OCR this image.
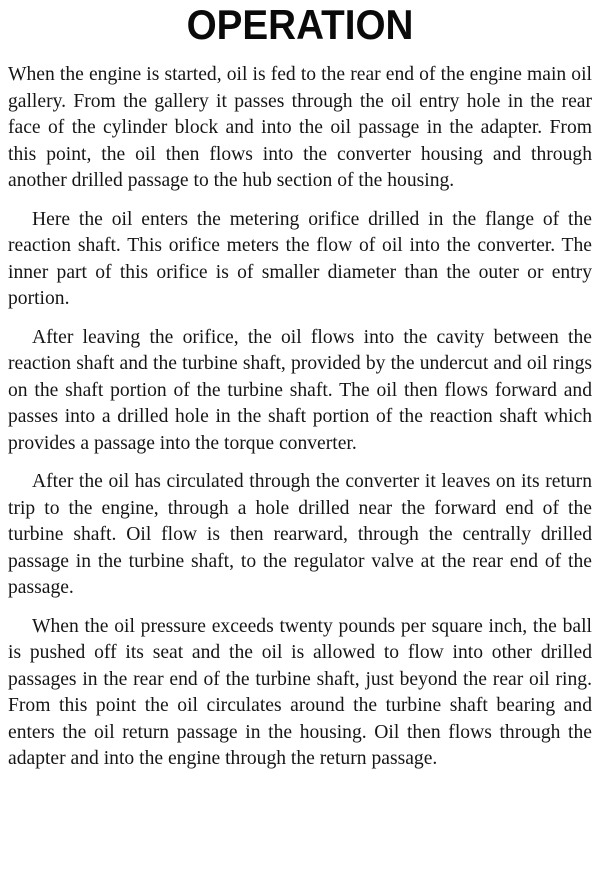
OPERATION

When the engine is started, oil is fed to the rear end of the engine main oil gallery. From the gallery it passes through the oil entry hole in the rear face of the cylinder block and into the oil passage in the adapter. From this point, the oil then flows into the converter housing and through another drilled passage to the hub section of the housing.

Here the oil enters the metering orifice drilled in the flange of the reaction shaft. This orifice meters the flow of oil into the converter. The inner part of this orifice is of smaller diameter than the outer or entry portion.

After leaving the orifice, the oil flows into the cavity between the reaction shaft and the turbine shaft, provided by the undercut and oil rings on the shaft portion of the turbine shaft. The oil then flows forward and passes into a drilled hole in the shaft portion of the reaction shaft which provides a passage into the torque converter.

After the oil has circulated through the converter it leaves on its return trip to the engine, through a hole drilled near the forward end of the turbine shaft. Oil flow is then rearward, through the centrally drilled passage in the turbine shaft, to the regulator valve at the rear end of the passage.

When the oil pressure exceeds twenty pounds per square inch, the ball is pushed off its seat and the oil is allowed to flow into other drilled passages in the rear end of the turbine shaft, just beyond the rear oil ring. From this point the oil circulates around the turbine shaft bearing and enters the oil return passage in the housing. Oil then flows through the adapter and into the engine through the return passage.
